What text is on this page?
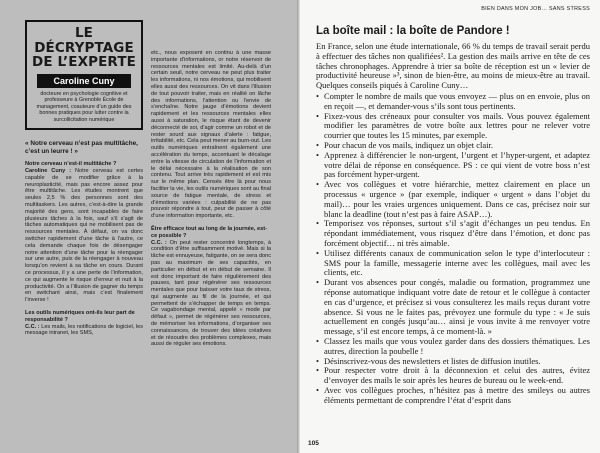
LE DÉCRYPTAGE DE L’EXPERTE
Caroline Cuny
docteure en psychologie cognitive et professeure à Grenoble École de management, coauteure d’un guide des bonnes pratiques pour lutter contre la surcollicitation numérique
« Notre cerveau n’est pas multitâche, c’est un leurre ! »
Notre cerveau n’est-il multitâche ?
Caroline Cuny : Notre cerveau est certes capable de se modifier grâce à la neuroplasticité, mais pas encore assez pour être multitâche. Les études montrent que seules 2,5 % des personnes sont des multitaskers. Les autres, c’est-à-dire la grande majorité des gens, sont incapables de faire plusieurs tâches à la fois, sauf s’il s’agit de tâches automatiques qui ne mobilisent pas de ressources mentales. À défaut, on va donc switcher rapidement d’une tâche à l’autre, ce cela demande chaque fois de désengager notre attention d’une tâche pour la réengager sur une autre, puis de la réengager à nouveau lorsqu’on revient à sa tâche en cours. Durant ce processus, il y a une perte de l’information, ce qui augmente le risque d’erreur et nuit à la productivité. On a l’illusion de gagner du temps en switchant ainsi, mais c’est finalement l’inverse !
Les outils numériques ont-ils leur part de responsabilité ?
C.C. : Les mails, les notifications de logiciel, les message intranet, les SMS,
etc., nous exposent en continu à une masse importante d’informations, or notre réservoir de ressources mentales est limité. Au-delà d’un certain seuil, notre cerveau ne peut plus traiter les informations, ni nos émotions, qui mobilisent elles aussi des ressources. On vit dans l’illusion de tout pouvoir traiter, mais en réalité on lâche des informations, l’attention ou l’envie de s’enchaîne. Notre jauge d’émotions devient rapidement et les ressources mentales elles aussi à saturation, le risque étant de devenir déconnecté de soi, d’agir comme un robot et de rester sourd aux signaux d’alerte : fatigue, irritabilité, etc. Cela peut mener au burn-out. Les outils numériques entraînent également une accélération du temps, accentuant le décalage entre la vitesse de circulation de l’information et le délai nécessaire à la réalisation de son contenu. Tout arrive très rapidement et est mis sur le même plan. Censés être là pour nous faciliter la vie, les outils numériques sont au final source de fatigue mentale, de stress et d’émotions variées : culpabilité de ne pas pouvoir répondre à tout, peur de passer à côté d’une information importante, etc.
Être efficace tout au long de la journée, est-ce possible ?
C.C. : On peut rester concentré longtemps, à condition d’être suffisamment motivé. Mais si la tâche est ennuyeuse, fatigante, on se sera donc pas au maximum de ses capacités, en particulier en début et en début de semaine. Il est donc important de faire régulièrement des pauses, tant pour régénérer ses ressources mentales que pour baisser votre taux de stress, qui augmente au fil de la journée, et qui permettent de s’échapper de temps en temps. Ce vagabondage mental, appelé « mode par défaut », permet de régénérer ses ressources, de mémoriser les informations, d’organiser ses connaissances, de trouver des idées créatives et de résoudre des problèmes complexes, mais aussi de réguler ses émotions.
BIEN DANS MON JOB… SANS STRESS
La boîte mail : la boîte de Pandore !
En France, selon une étude internationale, 66 % du temps de travail serait perdu à effectuer des tâches non qualifiées². La gestion des mails arrive en tête de ces tâches chronophages. Apprendre à trier sa boîte de réception est un « levier de productivité heureuse »³, sinon de bien-être, au moins de mieux-être au travail. Quelques conseils piqués à Caroline Cuny…
• Compter le nombre de mails que vous envoyez — plus on en envoie, plus on en reçoit —, et demander-vous s’ils sont tous pertinents.
• Fixez-vous des créneaux pour consulter vos mails. Vous pouvez également modifier les paramètres de votre boîte aux lettres pour ne relever votre courrier que toutes les 15 minutes, par exemple.
• Pour chacun de vos mails, indiquez un objet clair.
• Apprenez à différencier le non-urgent, l’urgent et l’hyper-urgent, et adaptez votre délai de réponse en conséquence. PS : ce qui vient de votre boss n’est pas forcément hyper-urgent.
• Avec vos collègues et votre hiérarchie, mettez clairement en place un processus « urgence » (par exemple, indiquer « urgent » dans l’objet du mail)… pour les vraies urgences uniquement. Dans ce cas, précisez noir sur blanc la deadline (tout n’est pas à faire ASAP…).
• Temporisez vos réponses, surtout s’il s’agit d’échanges un peu tendus. En répondant immédiatement, vous risquez d’être dans l’émotion, et donc pas forcément objectif… ni très aimable.
• Utilisez différents canaux de communication selon le type d’interlocuteur : SMS pour la famille, messagerie interne avec les collègues, mail avec les clients, etc.
• Durant vos absences pour congés, maladie ou formation, programmez une réponse automatique indiquant votre date de retour et le collègue à contacter en cas d’urgence, et précisez si vous consulterez les mails reçus durant votre absence. Si vous ne le faites pas, prévoyez une formule du type : « Je suis actuellement en congés jusqu’au… ainsi je vous invite à me renvoyer votre message, s’il est encore temps, à ce moment-là. »
• Classez les mails que vous voulez garder dans des dossiers thématiques. Les autres, direction la poubelle !
• Désinscrivez-vous des newsletters et listes de diffusion inutiles.
• Pour respecter votre droit à la déconnexion et celui des autres, évitez d’envoyer des mails le soir après les heures de bureau ou le week-end.
• Avec vos collègues proches, n’hésitez pas à mettre des smileys ou autres éléments permettant de comprendre l’état d’esprit dans
105
